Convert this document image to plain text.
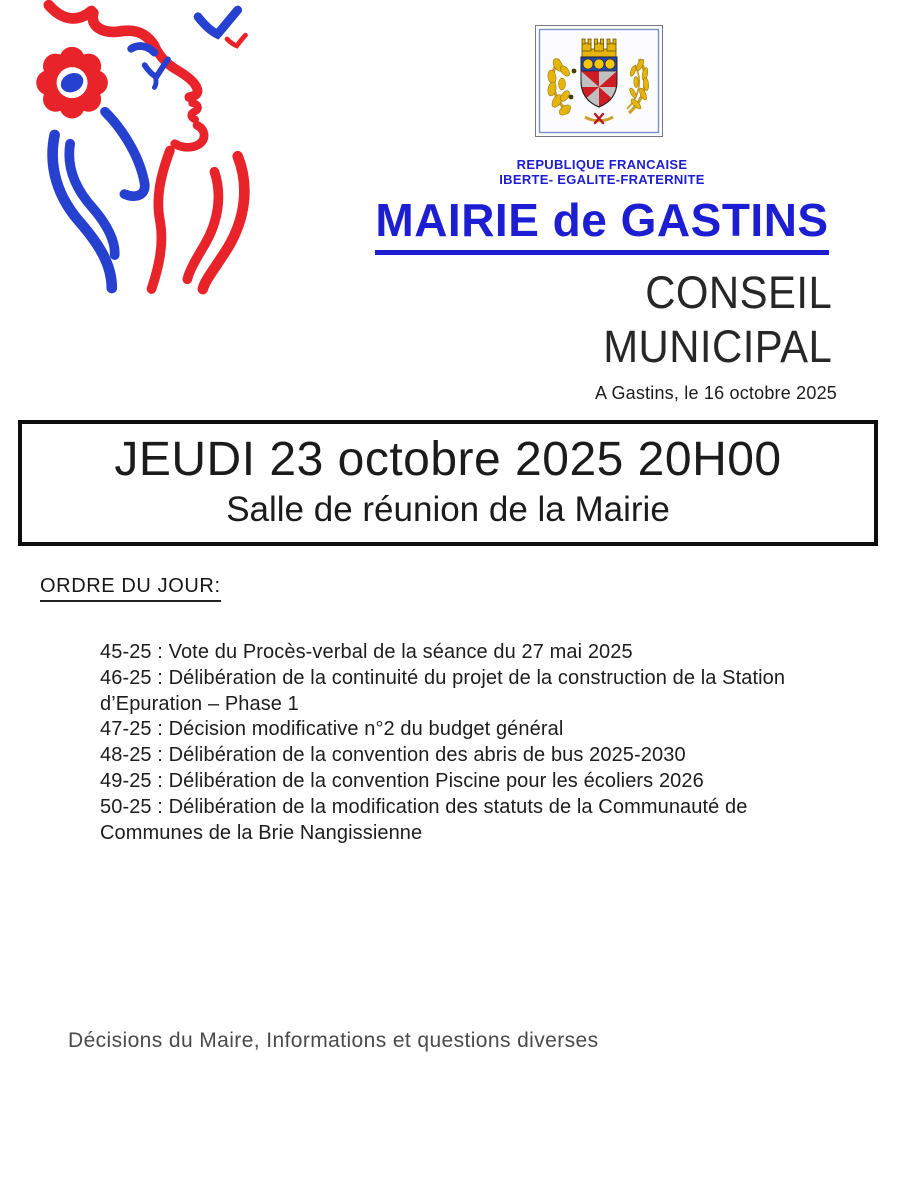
REPUBLIQUE FRANCAISE
IBERTE- EGALITE-FRATERNITE
MAIRIE de GASTINS
CONSEIL
MUNICIPAL
A Gastins, le 16 octobre 2025
JEUDI 23 octobre 2025 20H00
Salle de réunion de la Mairie
ORDRE DU JOUR:
45-25 : Vote du Procès-verbal de la séance du 27 mai 2025
46-25 : Délibération de la continuité du projet de la construction de la Station
d’Epuration – Phase 1
47-25 : Décision modificative n°2 du budget général
48-25 : Délibération de la convention des abris de bus 2025-2030
49-25 : Délibération de la convention Piscine pour les écoliers 2026
50-25 : Délibération de la modification des statuts de la Communauté de
Communes de la Brie Nangissienne
Décisions du Maire, Informations et questions diverses
